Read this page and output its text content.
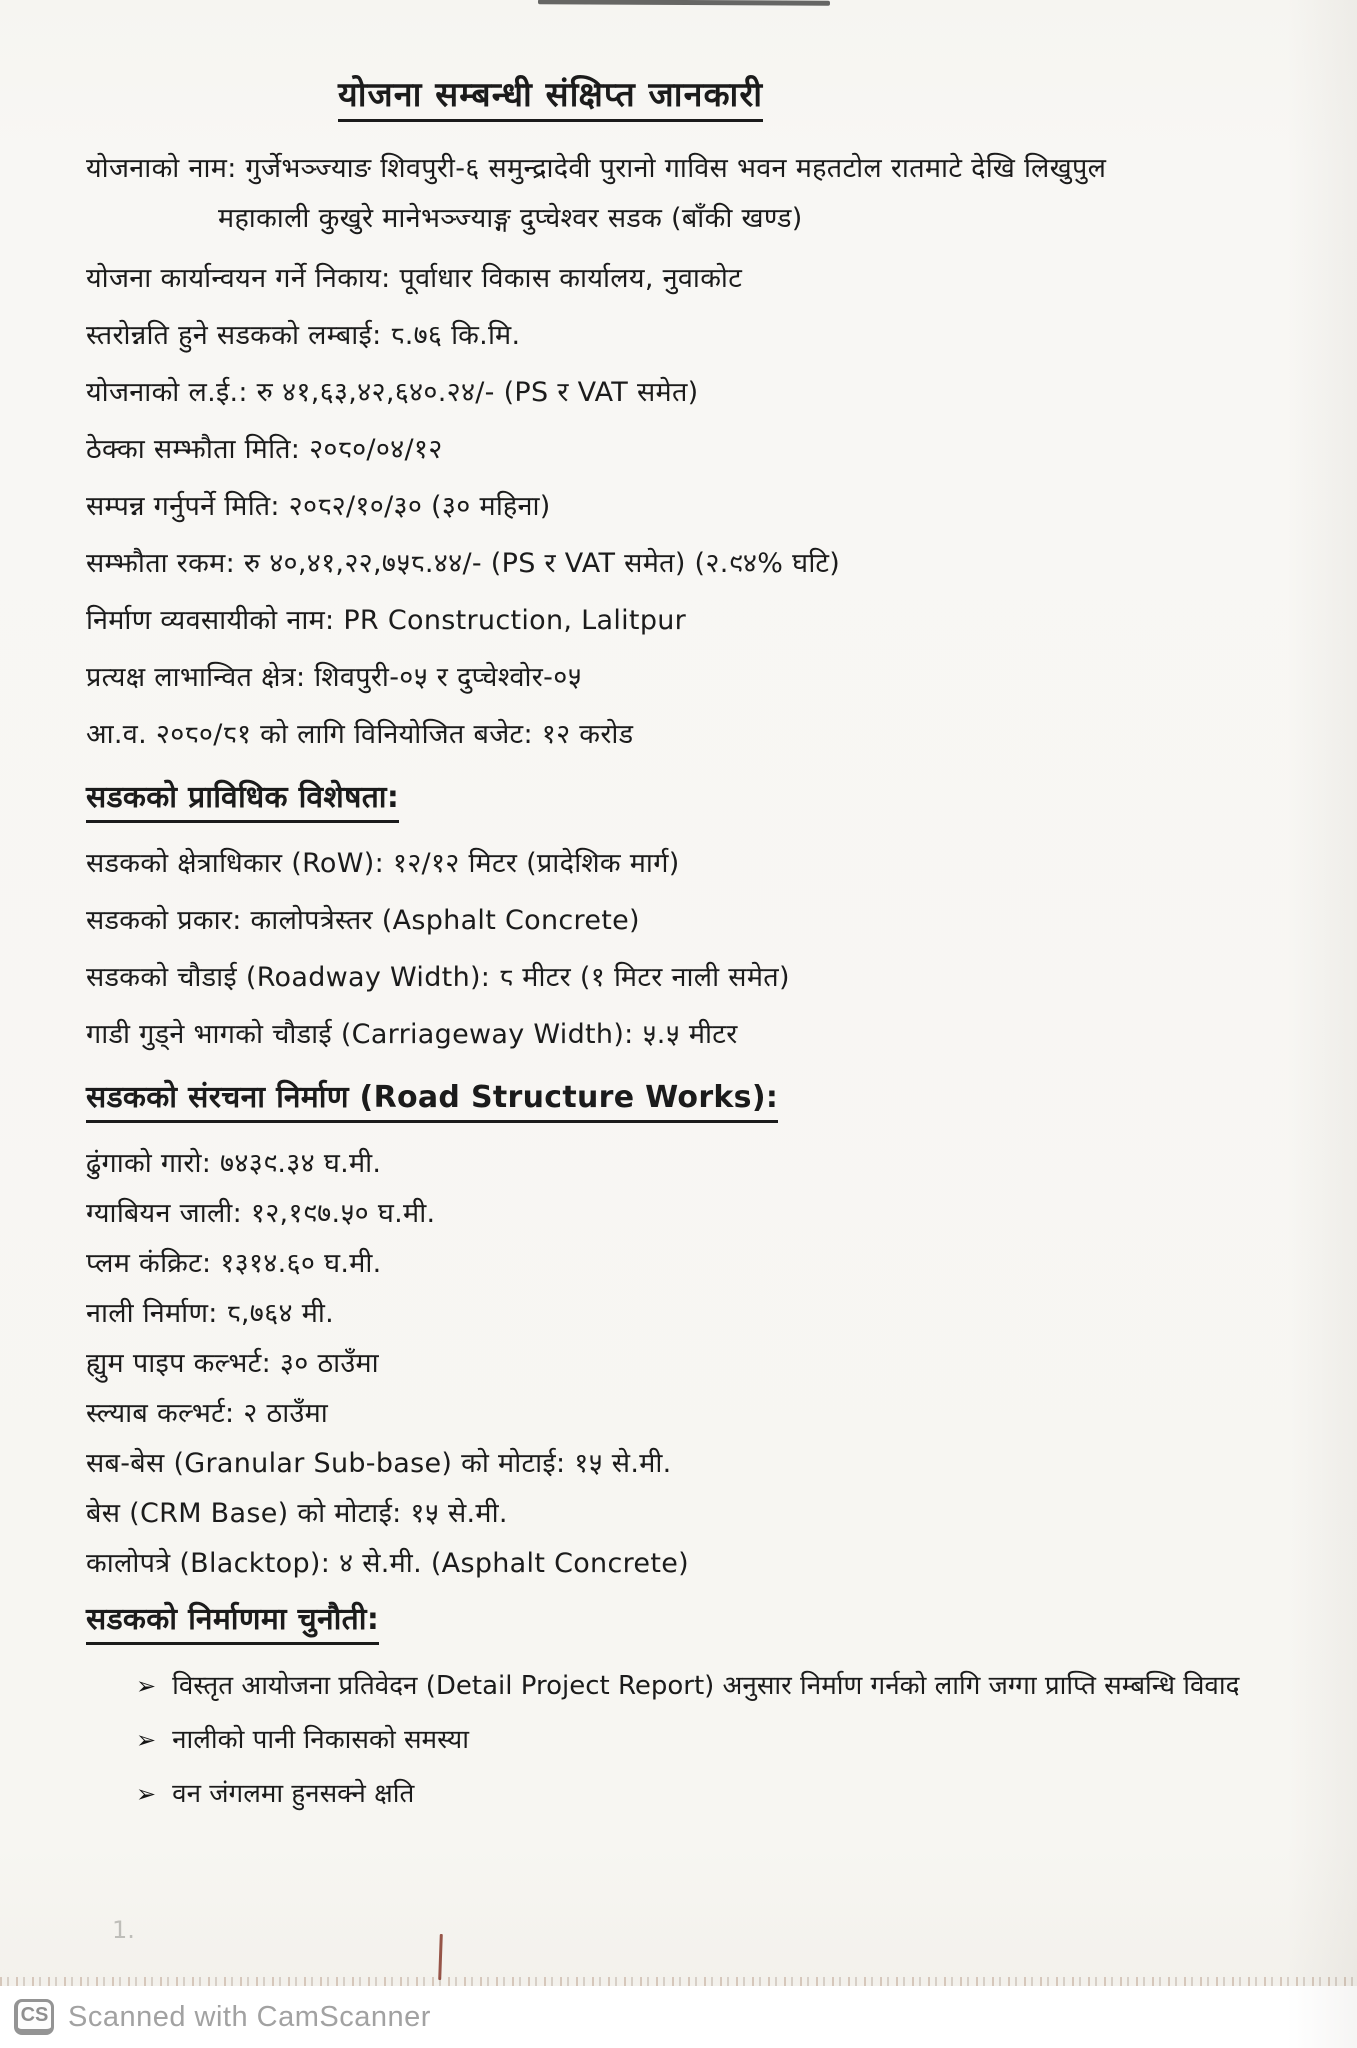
योजना सम्बन्धी संक्षिप्त जानकारी
योजनाको नाम: गुर्जेभञ्ज्याङ शिवपुरी-६ समुन्द्रादेवी पुरानो गाविस भवन महतटोल रातमाटे देखि लिखुपुल
महाकाली कुखुरे मानेभञ्ज्याङ्ग दुप्चेश्वर सडक (बाँकी खण्ड)
योजना कार्यान्वयन गर्ने निकाय: पूर्वाधार विकास कार्यालय, नुवाकोट
स्तरोन्नति हुने सडकको लम्बाई: ८.७६ कि.मि.
योजनाको ल.ई.: रु ४१,६३,४२,६४०.२४/- (PS र VAT समेत)
ठेक्का सम्झौता मिति: २०८०/०४/१२
सम्पन्न गर्नुपर्ने मिति: २०८२/१०/३० (३० महिना)
सम्झौता रकम: रु ४०,४१,२२,७५८.४४/- (PS र VAT समेत) (२.९४% घटि)
निर्माण व्यवसायीको नाम: PR Construction, Lalitpur
प्रत्यक्ष लाभान्वित क्षेत्र: शिवपुरी-०५ र दुप्चेश्वोर-०५
आ.व. २०८०/८१ को लागि विनियोजित बजेट: १२ करोड
सडकको प्राविधिक विशेषता:
सडकको क्षेत्राधिकार (RoW): १२/१२ मिटर (प्रादेशिक मार्ग)
सडकको प्रकार: कालोपत्रेस्तर (Asphalt Concrete)
सडकको चौडाई (Roadway Width): ८ मीटर (१ मिटर नाली समेत)
गाडी गुड्ने भागको चौडाई (Carriageway Width): ५.५ मीटर
सडकको संरचना निर्माण (Road Structure Works):
ढुंगाको गारो: ७४३९.३४ घ.मी.
ग्याबियन जाली: १२,१९७.५० घ.मी.
प्लम कंक्रिट: १३१४.६० घ.मी.
नाली निर्माण: ८,७६४ मी.
ह्युम पाइप कल्भर्ट: ३० ठाउँमा
स्ल्याब कल्भर्ट: २ ठाउँमा
सब-बेस (Granular Sub-base) को मोटाई: १५ से.मी.
बेस (CRM Base) को मोटाई: १५ से.मी.
कालोपत्रे (Blacktop): ४ से.मी. (Asphalt Concrete)
सडकको निर्माणमा चुनौती:
➢ विस्तृत आयोजना प्रतिवेदन (Detail Project Report) अनुसार निर्माण गर्नको लागि जग्गा प्राप्ति सम्बन्धि विवाद
➢ नालीको पानी निकासको समस्या
➢ वन जंगलमा हुनसक्ने क्षति
1.
CS Scanned with CamScanner
